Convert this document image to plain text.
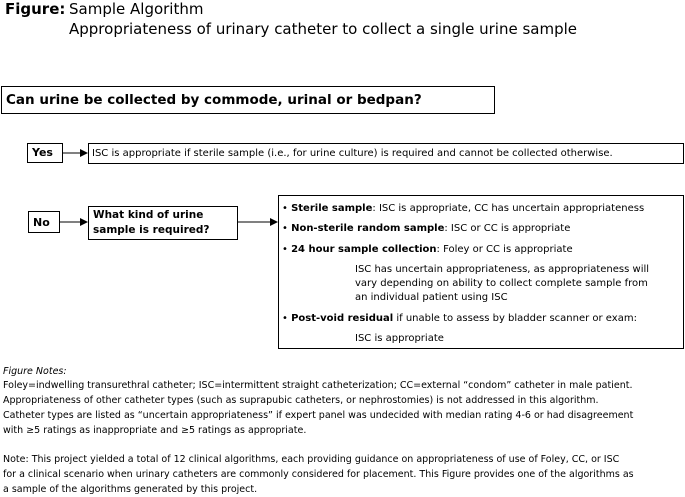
Figure: Sample Algorithm
Appropriateness of urinary catheter to collect a single urine sample
Can urine be collected by commode, urinal or bedpan?
Yes	ISC is appropriate if sterile sample (i.e., for urine culture) is required and cannot be collected otherwise.
No
What kind of urine
sample is required?
• Sterile sample: ISC is appropriate, CC has uncertain appropriateness
• Non-sterile random sample: ISC or CC is appropriate
• 24 hour sample collection: Foley or CC is appropriate
ISC has uncertain appropriateness, as appropriateness will
vary depending on ability to collect complete sample from
an individual patient using ISC
• Post-void residual if unable to assess by bladder scanner or exam:
ISC is appropriate
Figure Notes:
Foley=indwelling transurethral catheter; ISC=intermittent straight catheterization; CC=external “condom” catheter in male patient.
Appropriateness of other catheter types (such as suprapubic catheters, or nephrostomies) is not addressed in this algorithm.
Catheter types are listed as “uncertain appropriateness” if expert panel was undecided with median rating 4-6 or had disagreement
with ≥5 ratings as inappropriate and ≥5 ratings as appropriate.
Note: This project yielded a total of 12 clinical algorithms, each providing guidance on appropriateness of use of Foley, CC, or ISC
for a clinical scenario when urinary catheters are commonly considered for placement. This Figure provides one of the algorithms as
a sample of the algorithms generated by this project.
